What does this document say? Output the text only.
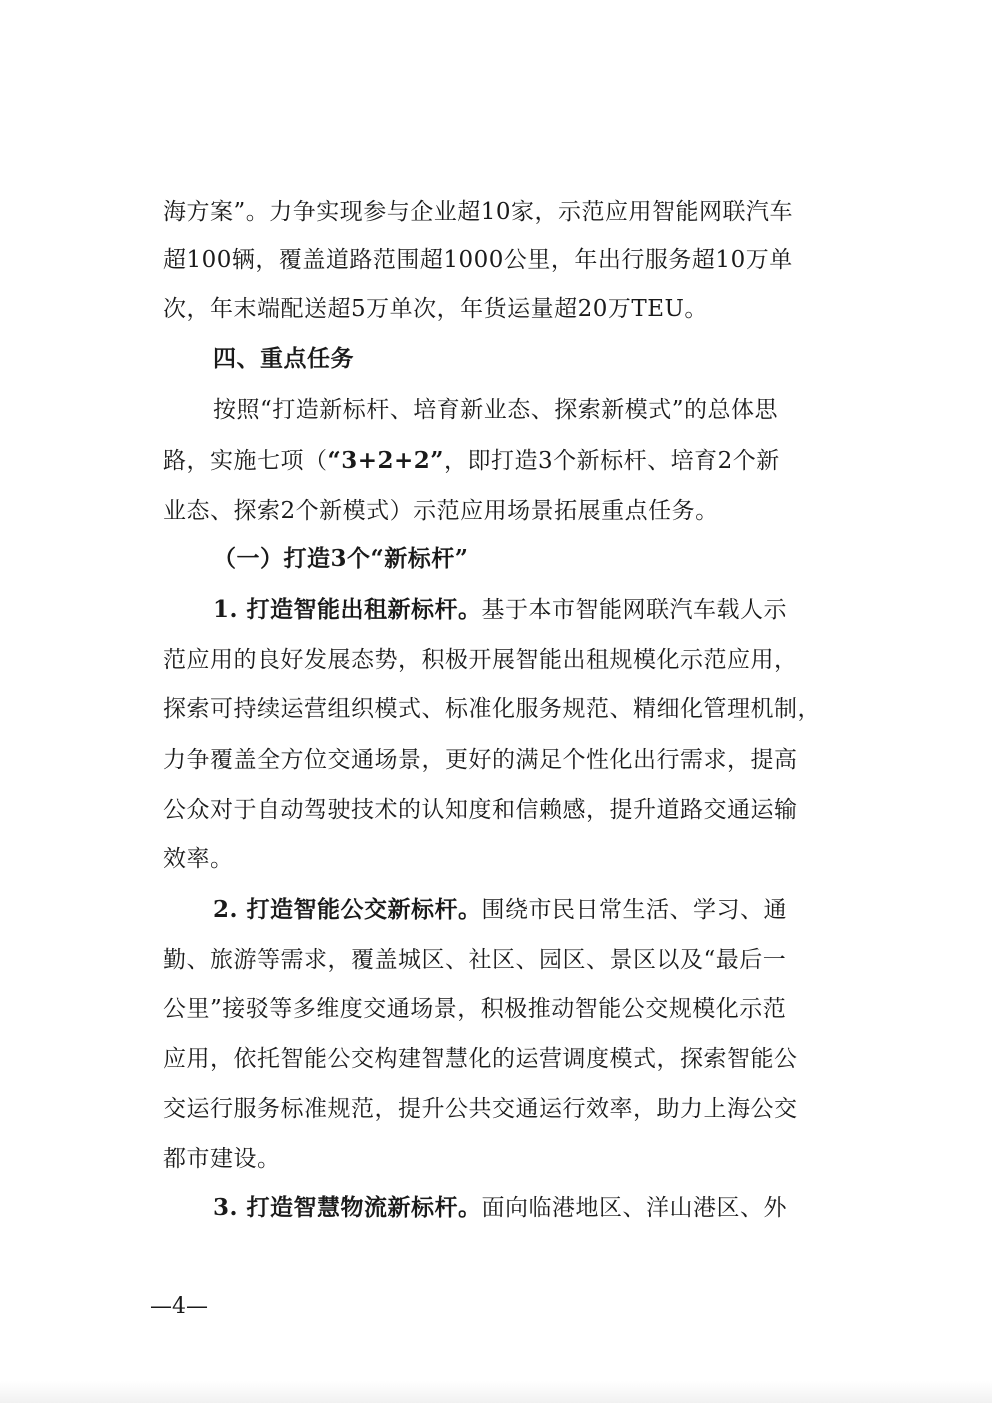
海方案”。力争实现参与企业超10家，示范应用智能网联汽车
超100辆，覆盖道路范围超1000公里，年出行服务超10万单
次，年末端配送超5万单次，年货运量超20万TEU。
四、重点任务
按照“打造新标杆、培育新业态、探索新模式”的总体思
路，实施七项（“3+2+2”，即打造3个新标杆、培育2个新
业态、探索2个新模式）示范应用场景拓展重点任务。
（一）打造3个“新标杆”
1. 打造智能出租新标杆。基于本市智能网联汽车载人示
范应用的良好发展态势，积极开展智能出租规模化示范应用，
探索可持续运营组织模式、标准化服务规范、精细化管理机制，
力争覆盖全方位交通场景，更好的满足个性化出行需求，提高
公众对于自动驾驶技术的认知度和信赖感，提升道路交通运输
效率。
2. 打造智能公交新标杆。围绕市民日常生活、学习、通
勤、旅游等需求，覆盖城区、社区、园区、景区以及“最后一
公里”接驳等多维度交通场景，积极推动智能公交规模化示范
应用，依托智能公交构建智慧化的运营调度模式，探索智能公
交运行服务标准规范，提升公共交通运行效率，助力上海公交
都市建设。
3. 打造智慧物流新标杆。面向临港地区、洋山港区、外
—4—
